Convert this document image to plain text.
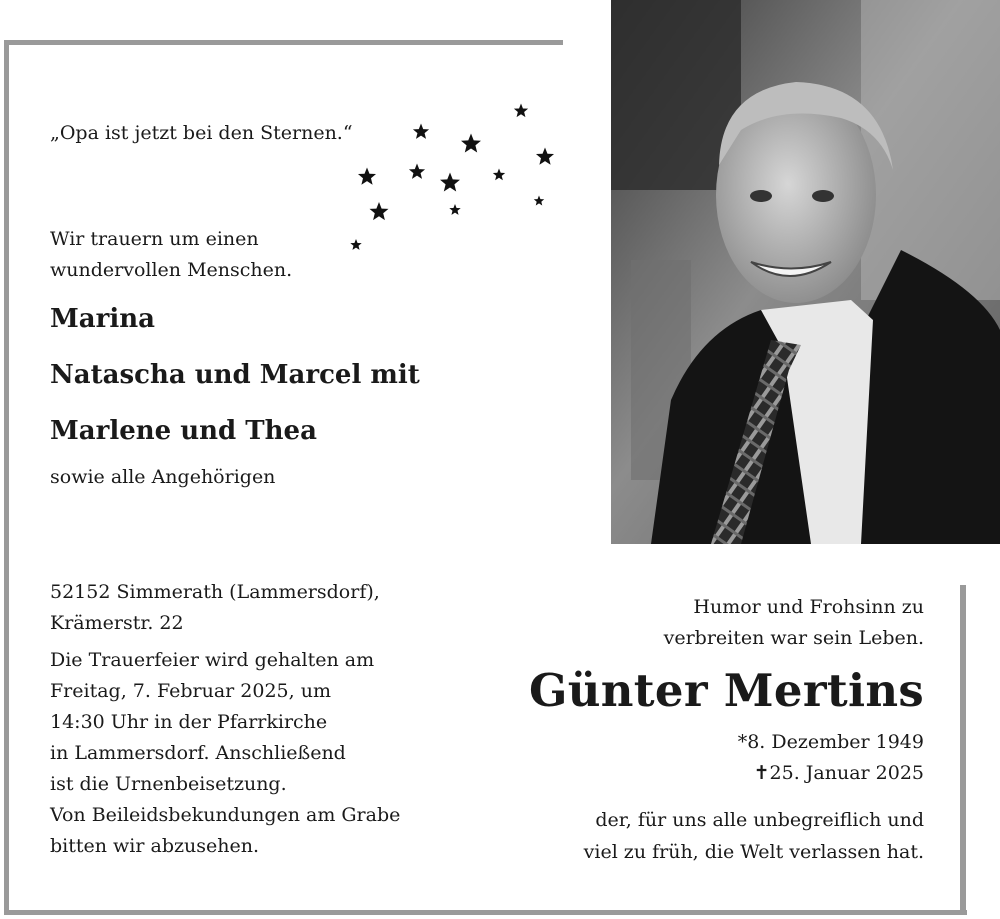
„Opa ist jetzt bei den Sternen.“

Wir trauern um einen
wundervollen Menschen.

Marina

Natascha und Marcel mit

Marlene und Thea

sowie alle Angehörigen

52152 Simmerath (Lammersdorf),
Krämerstr. 22
Die Trauerfeier wird gehalten am
Freitag, 7. Februar 2025, um
14:30 Uhr in der Pfarrkirche
in Lammersdorf. Anschließend
ist die Urnenbeisetzung.
Von Beileidsbekundungen am Grabe
bitten wir abzusehen.
Humor und Frohsinn zu
verbreiten war sein Leben.

Günter Mertins

*8. Dezember 1949
✝25. Januar 2025
der, für uns alle unbegreiflich und
viel zu früh, die Welt verlassen hat.
